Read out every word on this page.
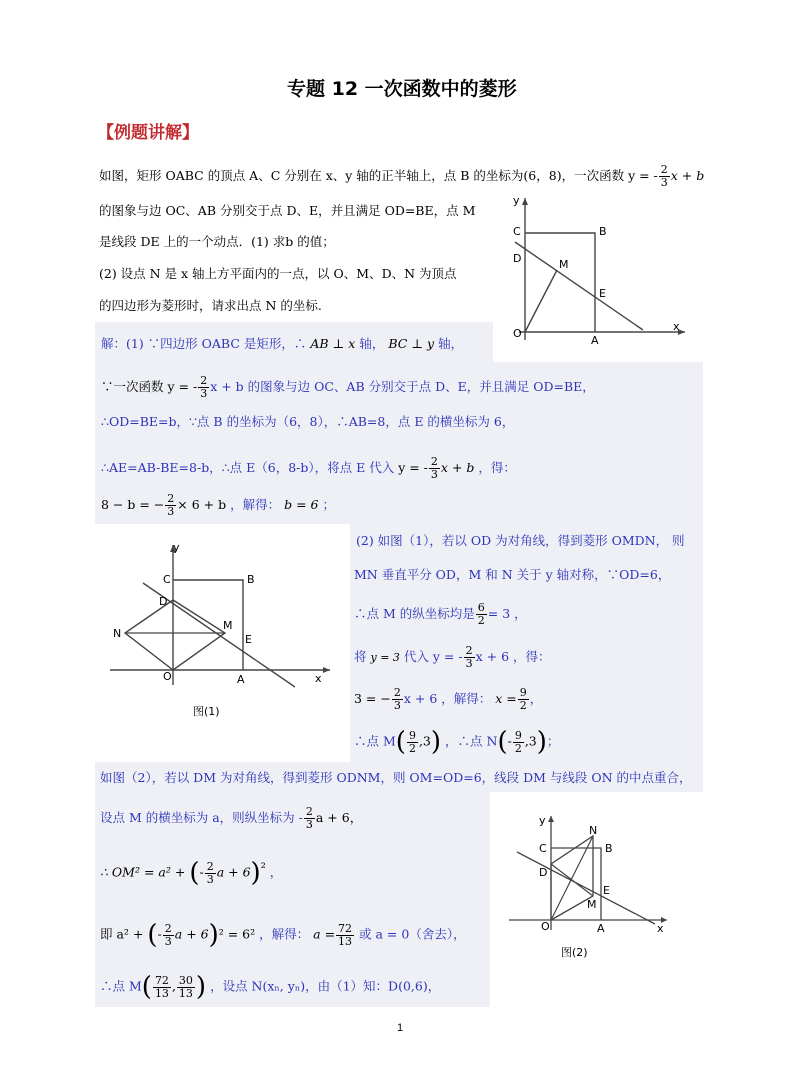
专题 12 一次函数中的菱形
【例题讲解】
如图，矩形 OABC 的顶点 A、C 分别在 x、y 轴的正半轴上，点 B 的坐标为(6，8)，一次函数 y = - $\frac{2}{3}$ x + b
的图象与边 OC、AB 分别交于点 D、E，并且满足 OD=BE，点 M
是线段 DE 上的一个动点．(1) 求b 的值；
(2) 设点 N 是 x 轴上方平面内的一点，以 O、M、D、N 为顶点
的四边形为菱形时，请求出点 N 的坐标.
x
y
O
A
B
C
D
E
M
解：(1) ∵四边形 OABC 是矩形，∴ AB ⊥ x 轴， BC ⊥ y 轴，
∵一次函数 y = - $\frac{2}{3}$ x + b 的图象与边 OC、AB 分别交于点 D、E，并且满足 OD=BE，
∴OD=BE=b，∵点 B 的坐标为（6，8），∴AB=8，点 E 的横坐标为 6，
∴AE=AB-BE=8-b，∴点 E（6，8-b），将点 E 代入 y = - $\frac{2}{3}$ x + b ，得：
8 − b = − $\frac{2}{3} \times 6 + b$ ，解得： b = 6 ；
x
y
O	A
B
C
D
E
M
N
图(1)
(2) 如图（1），若以 OD 为对角线，得到菱形 OMDN， 则
MN 垂直平分 OD，M 和 N 关于 y 轴对称，∵OD=6，
∴点 M 的纵坐标均是 $\frac{6}{2} = 3$ ，
将 y = 3 代入 y = - $\frac{2}{3}$ x + 6 ，得：
3 = − $\frac{2}{3}$ x + 6 ，解得： $x = \frac{9}{2}$ ，
∴点 $M( \frac{9}{2} ,3)$ ，∴点 $N(- \frac{9}{2} ,3)$；
如图（2），若以 DM 为对角线，得到菱形 ODNM，则 OM=OD=6，线段 DM 与线段 ON 的中点重合，
设点 M 的横坐标为 a，则纵坐标为 - $\frac{2}{3}$ a + 6，
∴ OM² = a² + (- $\frac{2}{3}$ a + 6)² ，
即 a² + (- $\frac{2}{3}$ a + 6)² = 6² ，解得： $a = \frac{72}{13}$ 或 a = 0（舍去），
∴点 $M( \frac{72}{13}$ , $\frac{30}{13}$ ) ，设点 N(xₙ, yₙ)，由（1）知：D(0,6)，
x
y
O	A
B
C
D
E
M
N
图(2)
1
